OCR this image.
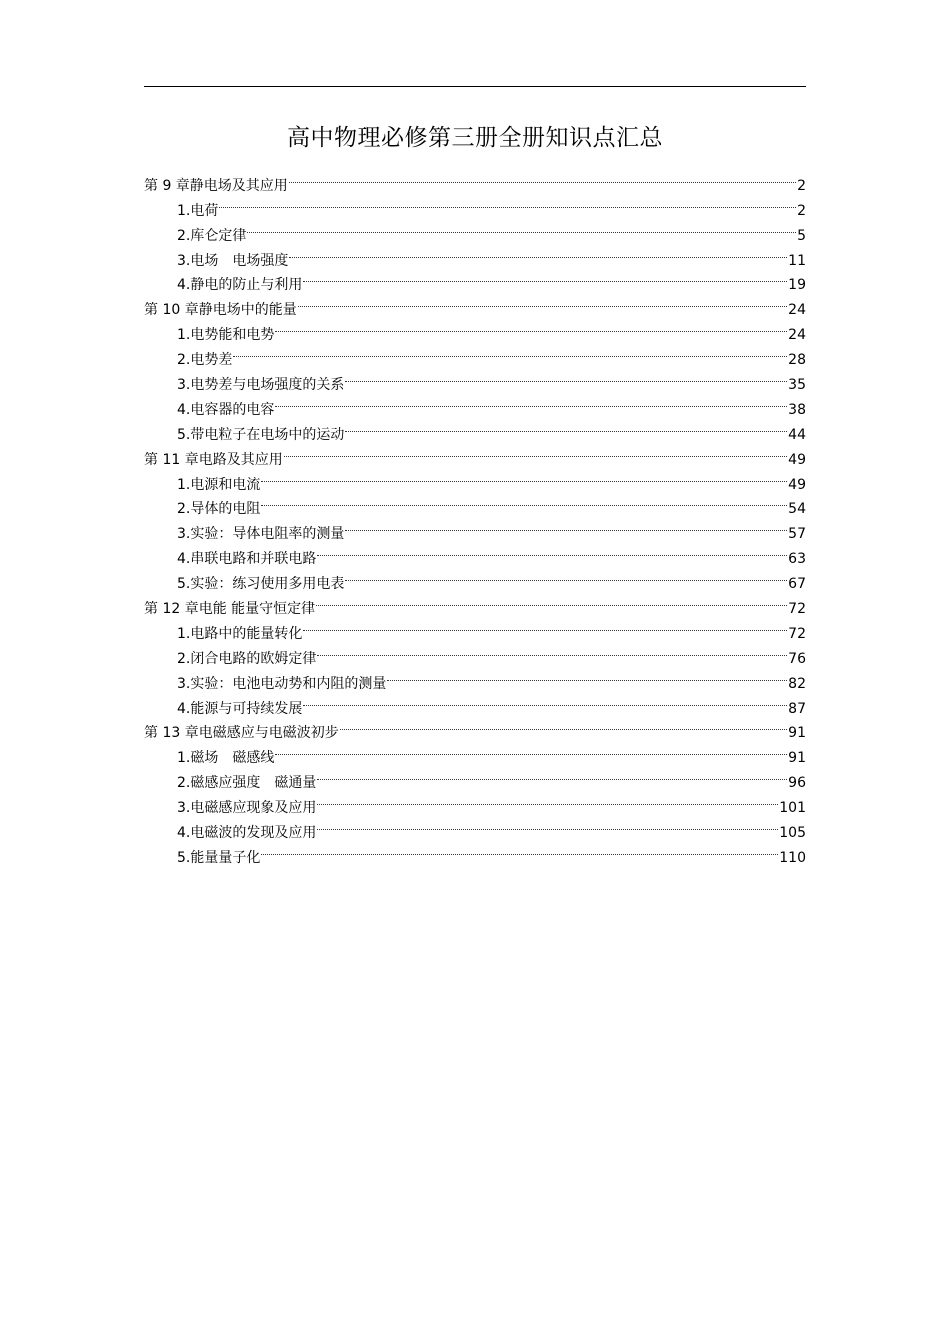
高中物理必修第三册全册知识点汇总
第 9 章静电场及其应用	2
1.电荷	2
2.库仑定律	5
3.电场　电场强度	11
4.静电的防止与利用	19
第 10 章静电场中的能量	24
1.电势能和电势	24
2.电势差	28
3.电势差与电场强度的关系	35
4.电容器的电容	38
5.带电粒子在电场中的运动	44
第 11 章电路及其应用	49
1.电源和电流	49
2.导体的电阻	54
3.实验：导体电阻率的测量	57
4.串联电路和并联电路	63
5.实验：练习使用多用电表	67
第 12 章电能 能量守恒定律	72
1.电路中的能量转化	72
2.闭合电路的欧姆定律	76
3.实验：电池电动势和内阻的测量	82
4.能源与可持续发展	87
第 13 章电磁感应与电磁波初步	91
1.磁场　磁感线	91
2.磁感应强度　磁通量	96
3.电磁感应现象及应用	101
4.电磁波的发现及应用	105
5.能量量子化	110
